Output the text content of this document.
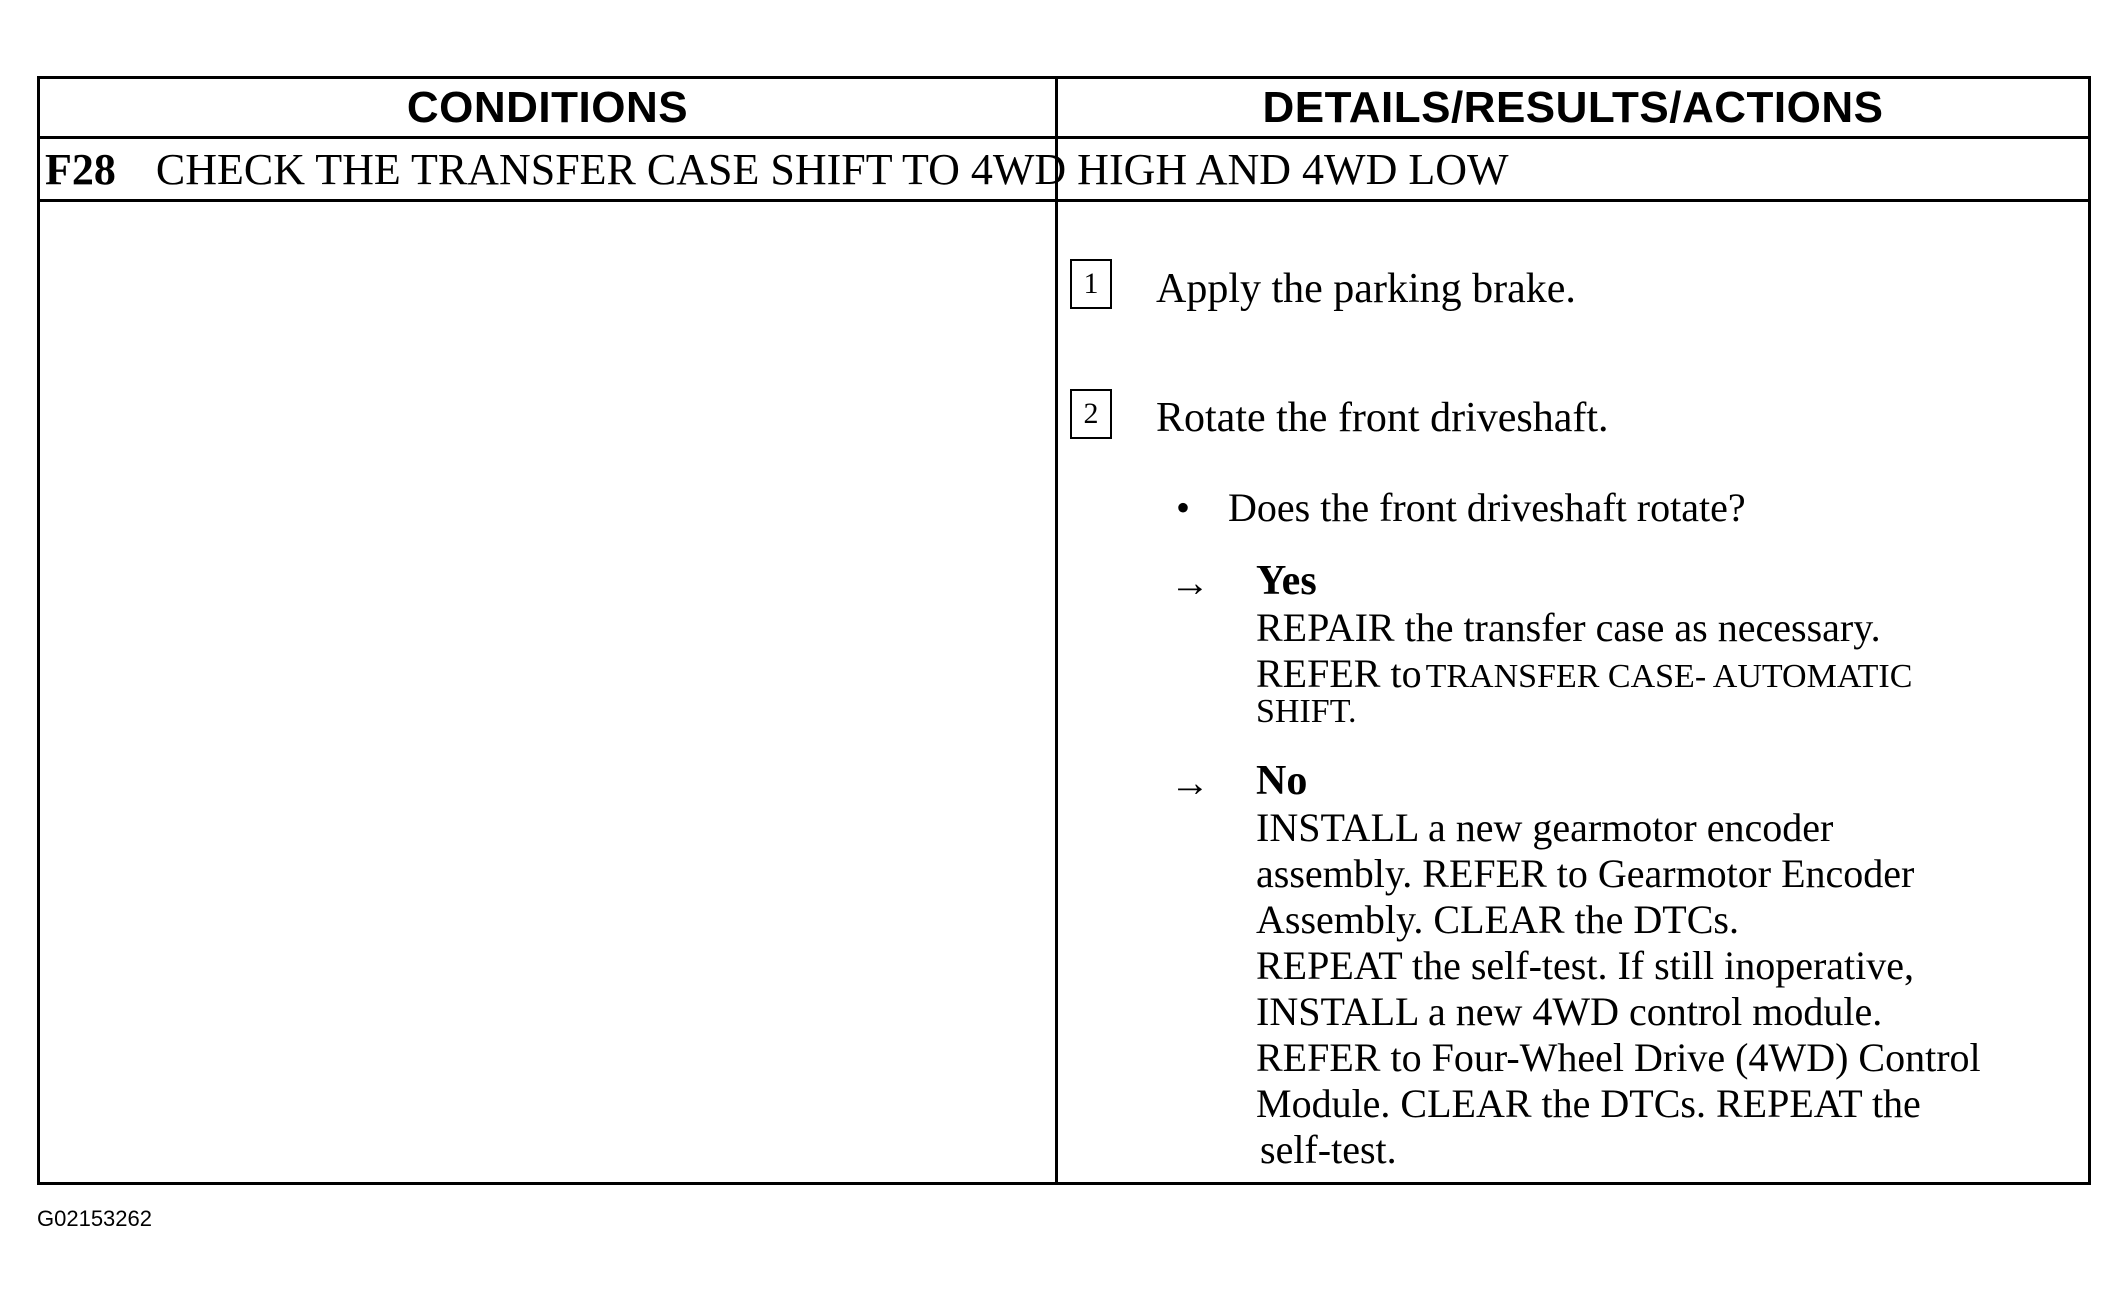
CONDITIONS	DETAILS/RESULTS/ACTIONS
F28 CHECK THE TRANSFER CASE SHIFT TO 4WD HIGH AND 4WD LOW
1	Apply the parking brake.
2	Rotate the front driveshaft.
• Does the front driveshaft rotate?
→ Yes
REPAIR the transfer case as necessary.
REFER to TRANSFER CASE- AUTOMATIC
SHIFT.
→ No
INSTALL a new gearmotor encoder
assembly. REFER to Gearmotor Encoder
Assembly. CLEAR the DTCs.
REPEAT the self-test. If still inoperative,
INSTALL a new 4WD control module.
REFER to Four-Wheel Drive (4WD) Control
Module. CLEAR the DTCs. REPEAT the
self-test.
G02153262
